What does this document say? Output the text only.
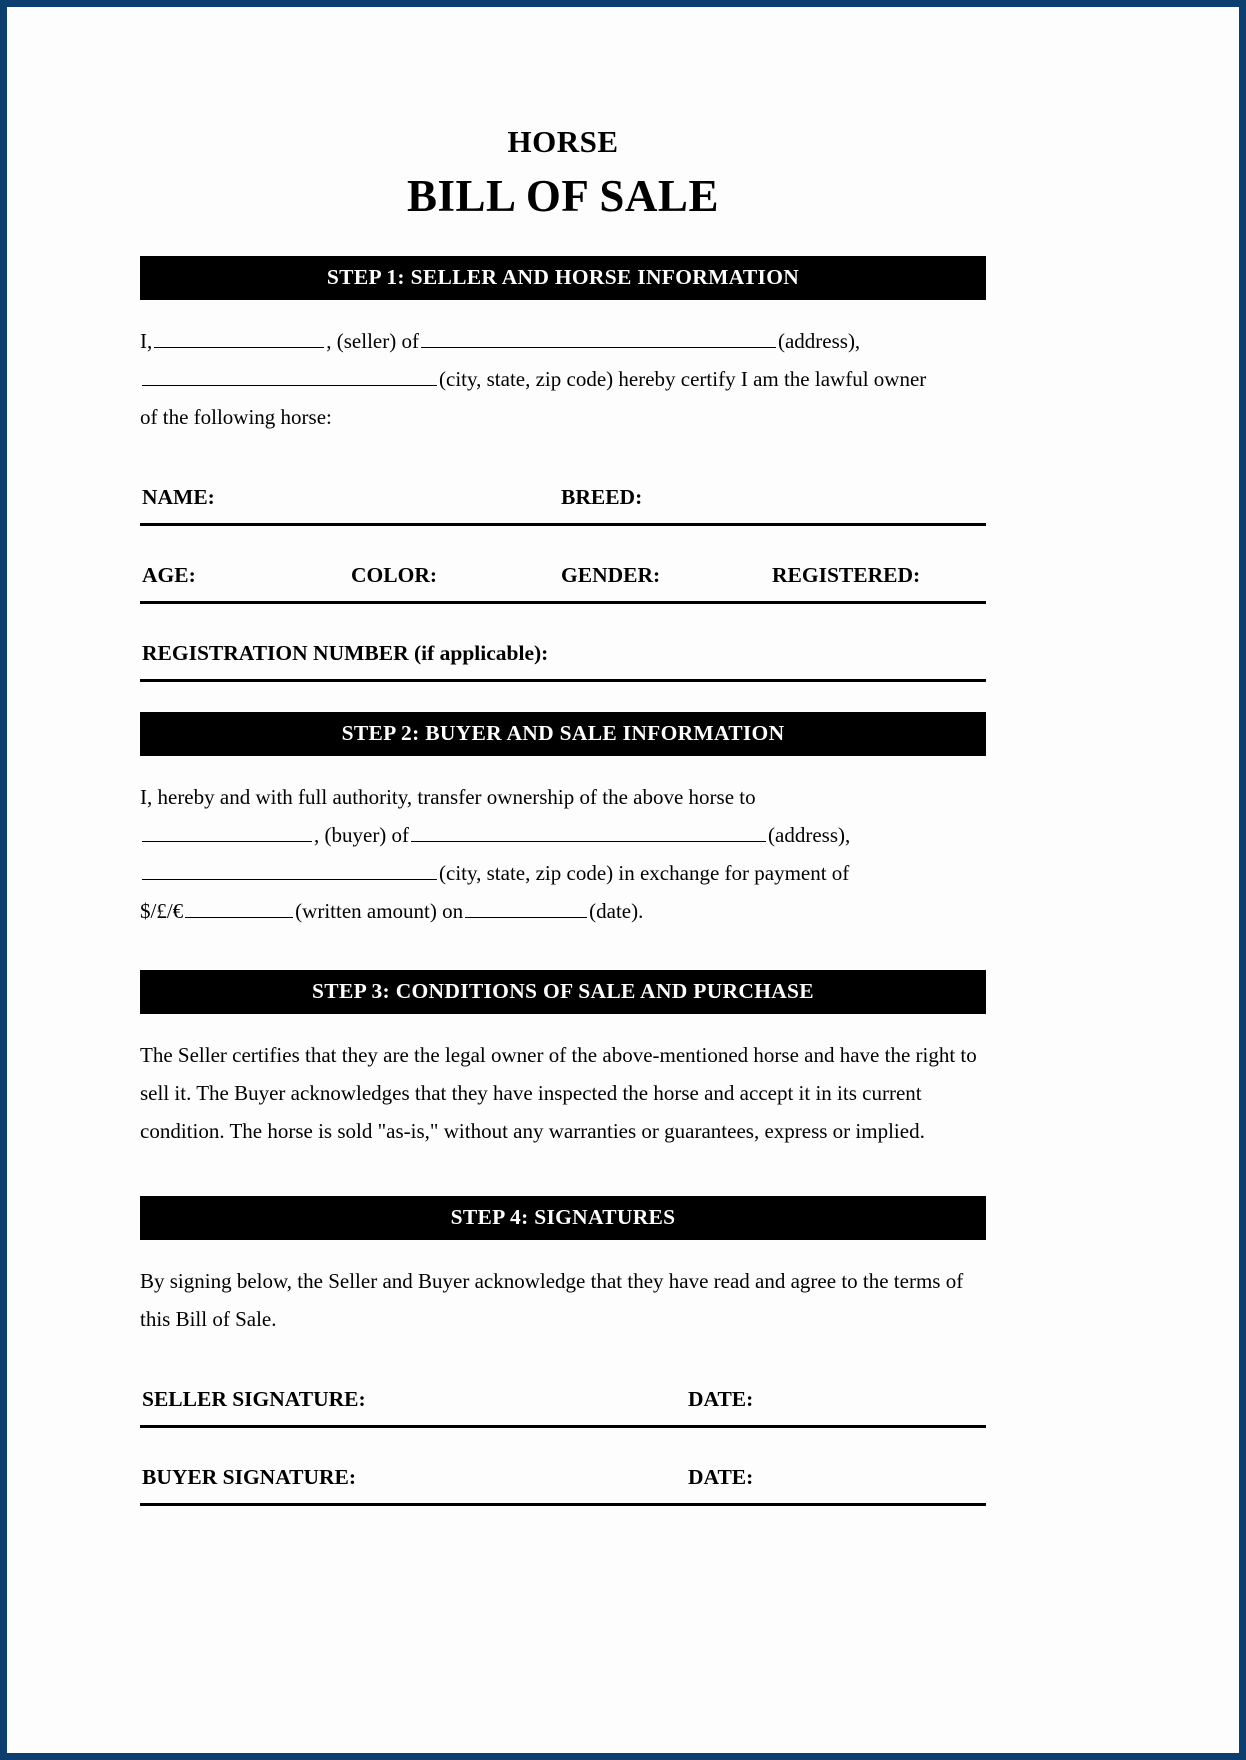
HORSE
BILL OF SALE
STEP 1: SELLER AND HORSE INFORMATION
I,	, (seller) of	(address),
(city, state, zip code) hereby certify I am the lawful owner
of the following horse:
NAME:	BREED:
AGE:	COLOR:	GENDER:	REGISTERED:
REGISTRATION NUMBER (if applicable):
STEP 2: BUYER AND SALE INFORMATION
I, hereby and with full authority, transfer ownership of the above horse to
, (buyer) of	(address),
(city, state, zip code) in exchange for payment of
$/£/€	(written amount) on	(date).
STEP 3: CONDITIONS OF SALE AND PURCHASE

The Seller certifies that they are the legal owner of the above-mentioned horse and have the right to sell it. The Buyer acknowledges that they have inspected the horse and accept it in its current condition. The horse is sold "as-is," without any warranties or guarantees, express or implied.

STEP 4: SIGNATURES

By signing below, the Seller and Buyer acknowledge that they have read and agree to the terms of this Bill of Sale.

SELLER SIGNATURE:	DATE:
BUYER SIGNATURE:	DATE:
